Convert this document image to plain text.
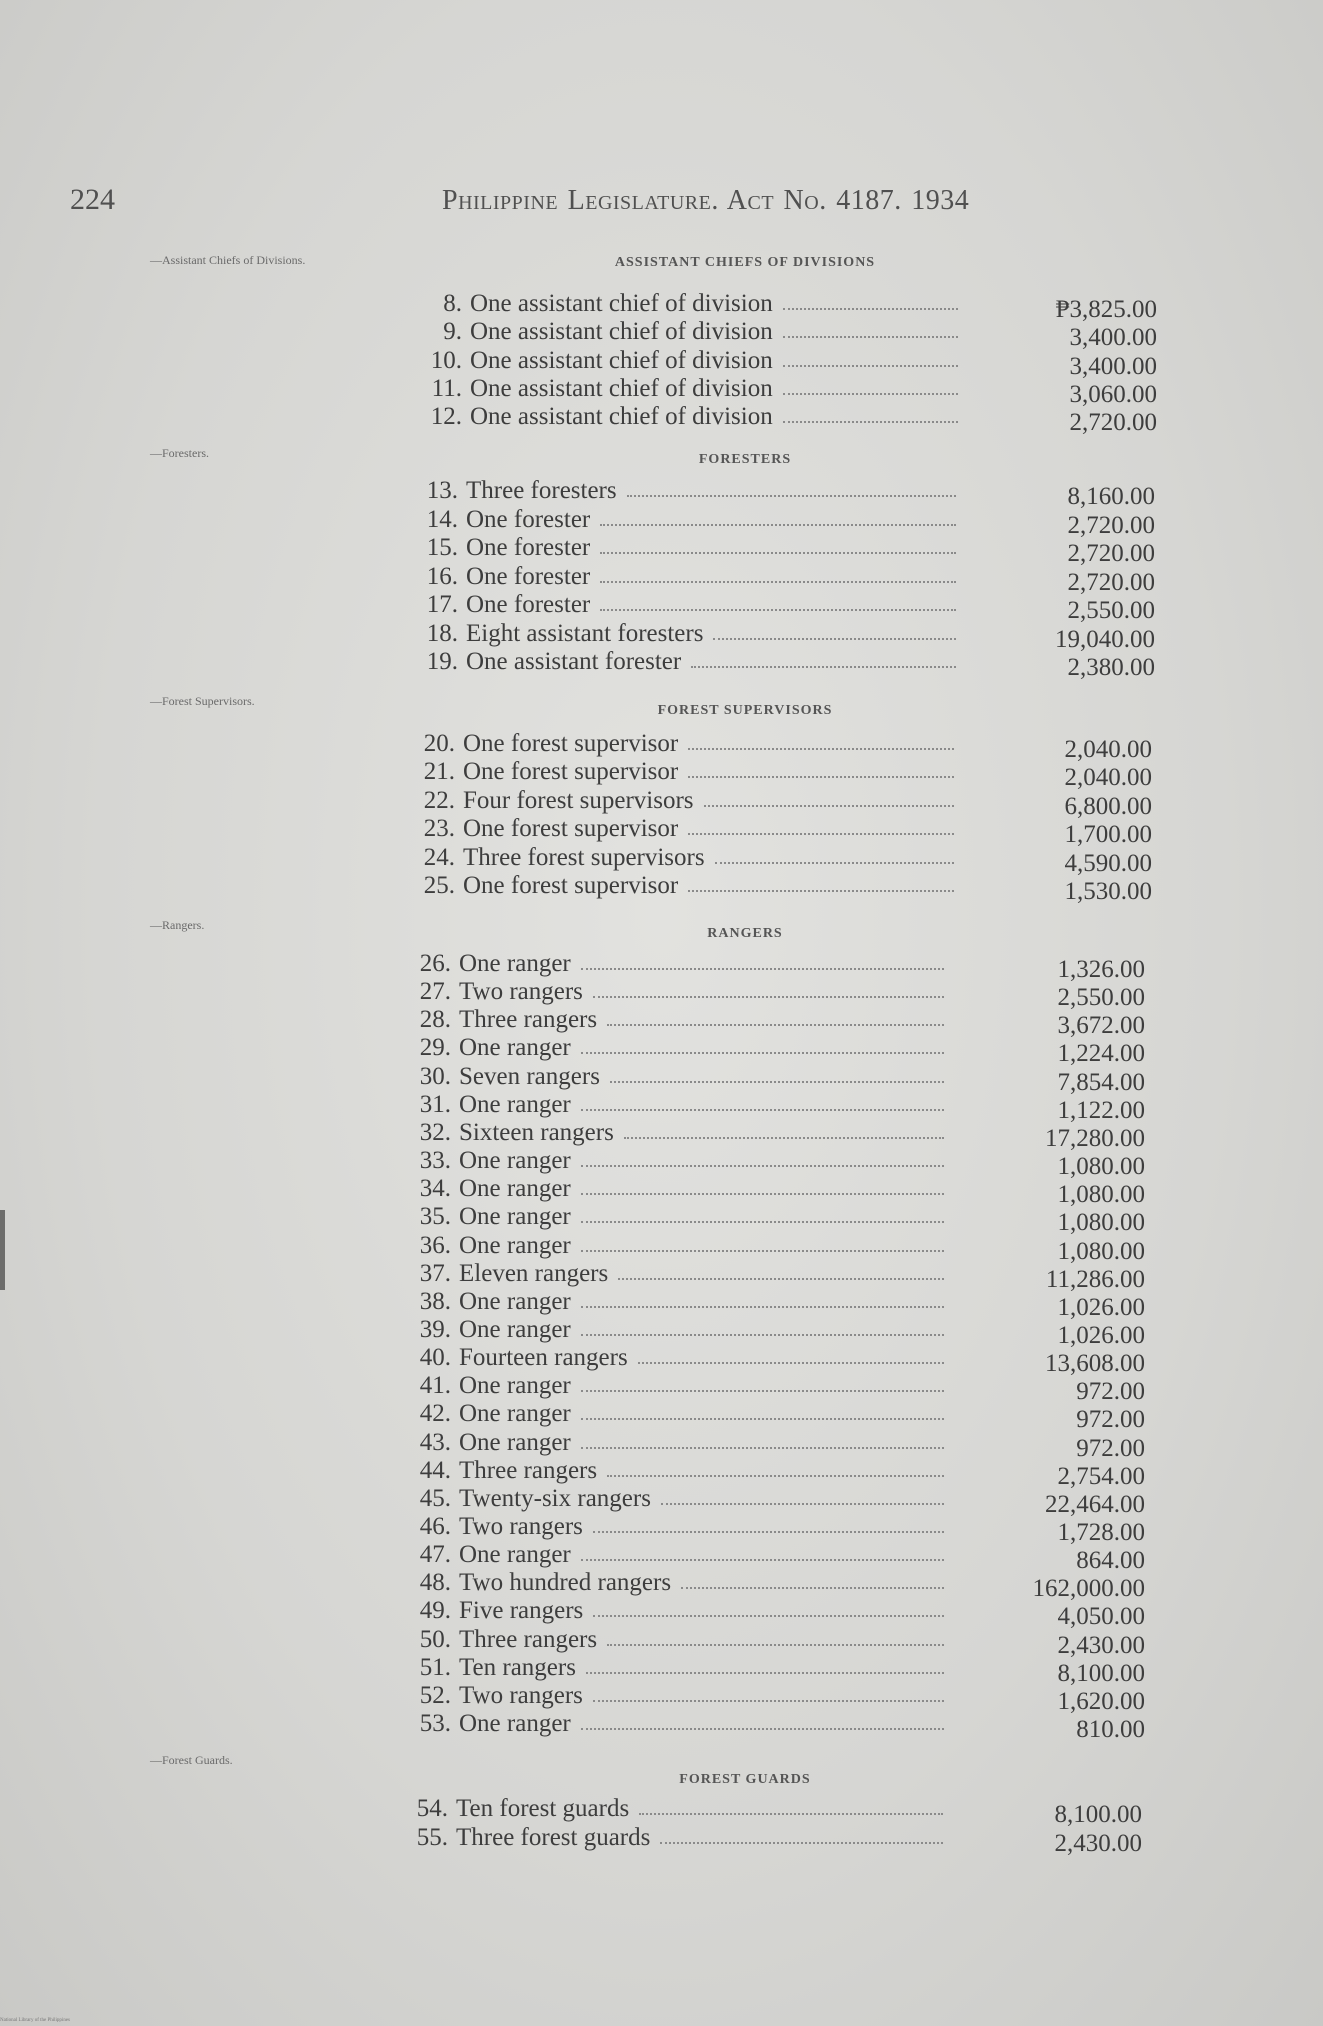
224	Philippine Legislature. Act No. 4187. 1934
—Assistant Chiefs of Divisions.
—Foresters.
—Forest Supervisors.
—Rangers.
—Forest Guards.
ASSISTANT CHIEFS OF DIVISIONS
8. One assistant chief of division	₱3,825.00
9. One assistant chief of division	3,400.00
10. One assistant chief of division	3,400.00
11. One assistant chief of division	3,060.00
12. One assistant chief of division	2,720.00
FORESTERS
13. Three foresters	8,160.00
14. One forester	2,720.00
15. One forester	2,720.00
16. One forester	2,720.00
17. One forester	2,550.00
18. Eight assistant foresters	19,040.00
19. One assistant forester	2,380.00
FOREST SUPERVISORS
20. One forest supervisor	2,040.00
21. One forest supervisor	2,040.00
22. Four forest supervisors	6,800.00
23. One forest supervisor	1,700.00
24. Three forest supervisors	4,590.00
25. One forest supervisor	1,530.00
RANGERS
26. One ranger	1,326.00
27. Two rangers	2,550.00
28. Three rangers	3,672.00
29. One ranger	1,224.00
30. Seven rangers	7,854.00
31. One ranger	1,122.00
32. Sixteen rangers	17,280.00
33. One ranger	1,080.00
34. One ranger	1,080.00
35. One ranger	1,080.00
36. One ranger	1,080.00
37. Eleven rangers	11,286.00
38. One ranger	1,026.00
39. One ranger	1,026.00
40. Fourteen rangers	13,608.00
41. One ranger	972.00
42. One ranger	972.00
43. One ranger	972.00
44. Three rangers	2,754.00
45. Twenty-six rangers	22,464.00
46. Two rangers	1,728.00
47. One ranger	864.00
48. Two hundred rangers	162,000.00
49. Five rangers	4,050.00
50. Three rangers	2,430.00
51. Ten rangers	8,100.00
52. Two rangers	1,620.00
53. One ranger	810.00
FOREST GUARDS
54. Ten forest guards	8,100.00
55. Three forest guards	2,430.00
National Library of the Philippines
